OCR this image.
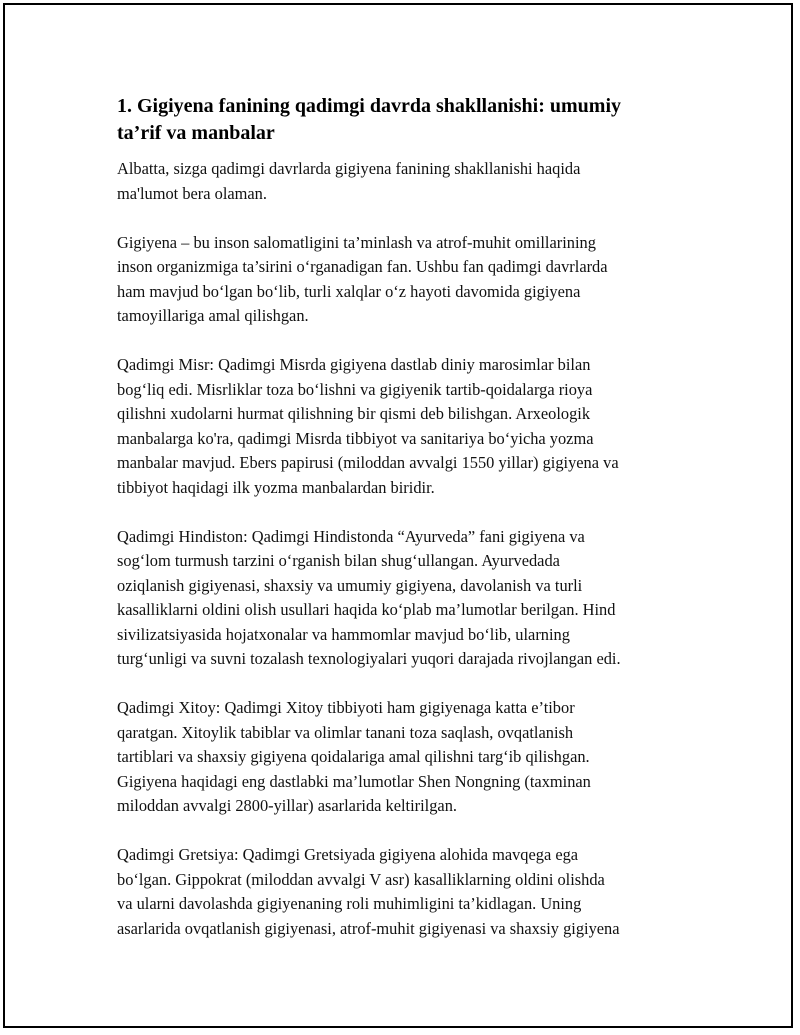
1. Gigiyena fanining qadimgi davrda shakllanishi: umumiy
ta’rif va manbalar
Albatta, sizga qadimgi davrlarda gigiyena fanining shakllanishi haqida
ma'lumot bera olaman.
Gigiyena – bu inson salomatligini ta’minlash va atrof-muhit omillarining
inson organizmiga ta’sirini o‘rganadigan fan. Ushbu fan qadimgi davrlarda
ham mavjud bo‘lgan bo‘lib, turli xalqlar o‘z hayoti davomida gigiyena
tamoyillariga amal qilishgan.
Qadimgi Misr: Qadimgi Misrda gigiyena dastlab diniy marosimlar bilan
bog‘liq edi. Misrliklar toza bo‘lishni va gigiyenik tartib-qoidalarga rioya
qilishni xudolarni hurmat qilishning bir qismi deb bilishgan. Arxeologik
manbalarga ko'ra, qadimgi Misrda tibbiyot va sanitariya bo‘yicha yozma
manbalar mavjud. Ebers papirusi (miloddan avvalgi 1550 yillar) gigiyena va
tibbiyot haqidagi ilk yozma manbalardan biridir.
Qadimgi Hindiston: Qadimgi Hindistonda “Ayurveda” fani gigiyena va
sog‘lom turmush tarzini o‘rganish bilan shug‘ullangan. Ayurvedada
oziqlanish gigiyenasi, shaxsiy va umumiy gigiyena, davolanish va turli
kasalliklarni oldini olish usullari haqida ko‘plab ma’lumotlar berilgan. Hind
sivilizatsiyasida hojatxonalar va hammomlar mavjud bo‘lib, ularning
turg‘unligi va suvni tozalash texnologiyalari yuqori darajada rivojlangan edi.
Qadimgi Xitoy: Qadimgi Xitoy tibbiyoti ham gigiyenaga katta e’tibor
qaratgan. Xitoylik tabiblar va olimlar tanani toza saqlash, ovqatlanish
tartiblari va shaxsiy gigiyena qoidalariga amal qilishni targ‘ib qilishgan.
Gigiyena haqidagi eng dastlabki ma’lumotlar Shen Nongning (taxminan
miloddan avvalgi 2800-yillar) asarlarida keltirilgan.
Qadimgi Gretsiya: Qadimgi Gretsiyada gigiyena alohida mavqega ega
bo‘lgan. Gippokrat (miloddan avvalgi V asr) kasalliklarning oldini olishda
va ularni davolashda gigiyenaning roli muhimligini ta’kidlagan. Uning
asarlarida ovqatlanish gigiyenasi, atrof-muhit gigiyenasi va shaxsiy gigiyena
